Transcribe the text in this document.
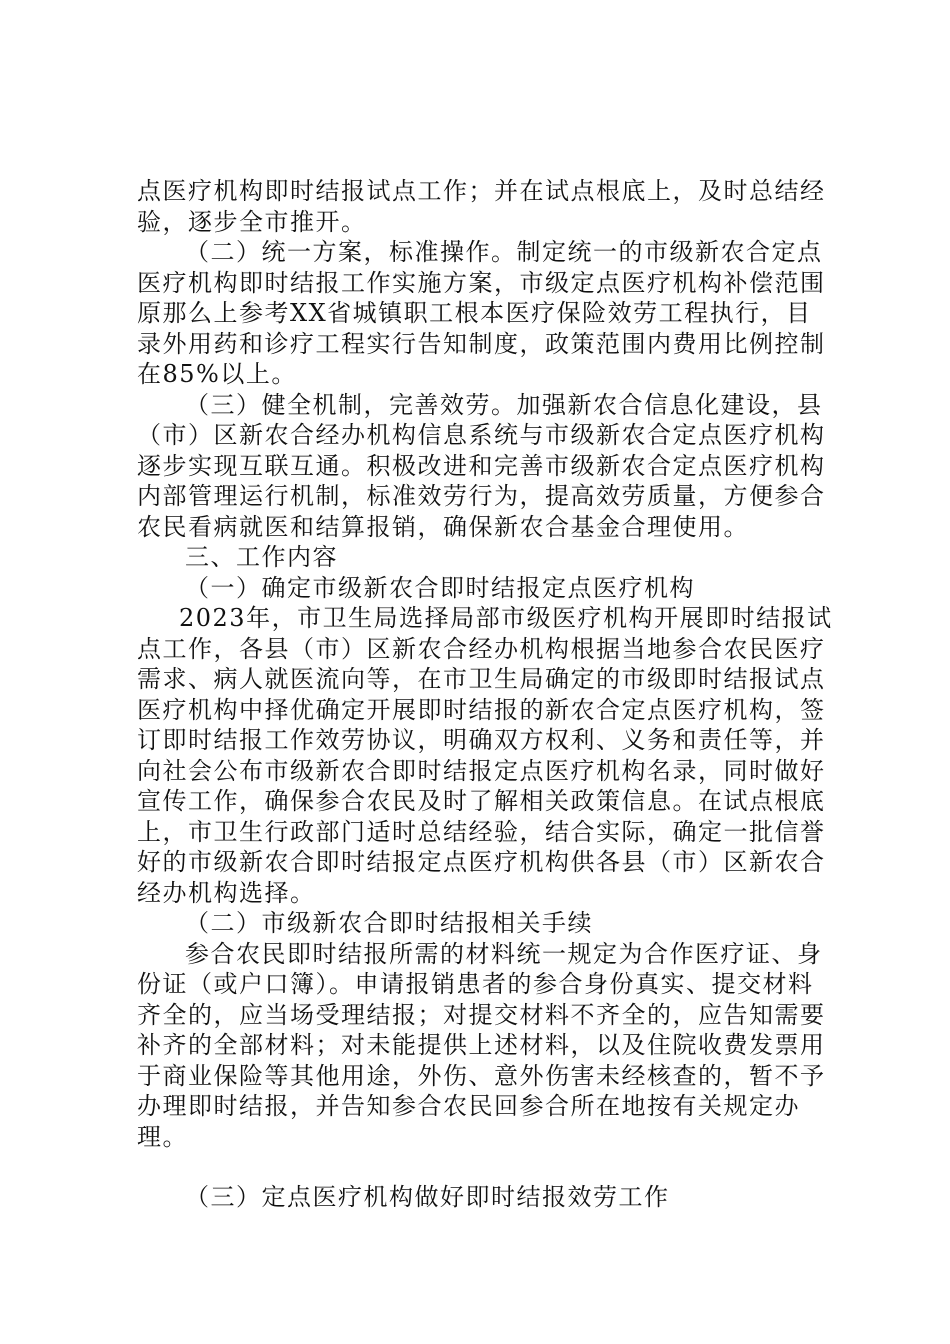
点医疗机构即时结报试点工作；并在试点根底上，及时总结经验，逐步全市推开。

（二）统一方案，标准操作。制定统一的市级新农合定点医疗机构即时结报工作实施方案，市级定点医疗机构补偿范围原那么上参考XX省城镇职工根本医疗保险效劳工程执行，目录外用药和诊疗工程实行告知制度，政策范围内费用比例控制在85%以上。

（三）健全机制，完善效劳。加强新农合信息化建设，县（市）区新农合经办机构信息系统与市级新农合定点医疗机构逐步实现互联互通。积极改进和完善市级新农合定点医疗机构内部管理运行机制，标准效劳行为，提高效劳质量，方便参合农民看病就医和结算报销，确保新农合基金合理使用。

三、工作内容

（一）确定市级新农合即时结报定点医疗机构

2023年，市卫生局选择局部市级医疗机构开展即时结报试点工作，各县（市）区新农合经办机构根据当地参合农民医疗需求、病人就医流向等，在市卫生局确定的市级即时结报试点医疗机构中择优确定开展即时结报的新农合定点医疗机构，签订即时结报工作效劳协议，明确双方权利、义务和责任等，并向社会公布市级新农合即时结报定点医疗机构名录，同时做好宣传工作，确保参合农民及时了解相关政策信息。在试点根底上，市卫生行政部门适时总结经验，结合实际，确定一批信誉好的市级新农合即时结报定点医疗机构供各县（市）区新农合经办机构选择。

（二）市级新农合即时结报相关手续

参合农民即时结报所需的材料统一规定为合作医疗证、身份证（或户口簿）。申请报销患者的参合身份真实、提交材料齐全的，应当场受理结报；对提交材料不齐全的，应告知需要补齐的全部材料；对未能提供上述材料，以及住院收费发票用于商业保险等其他用途，外伤、意外伤害未经核查的，暂不予办理即时结报，并告知参合农民回参合所在地按有关规定办理。

（三）定点医疗机构做好即时结报效劳工作
